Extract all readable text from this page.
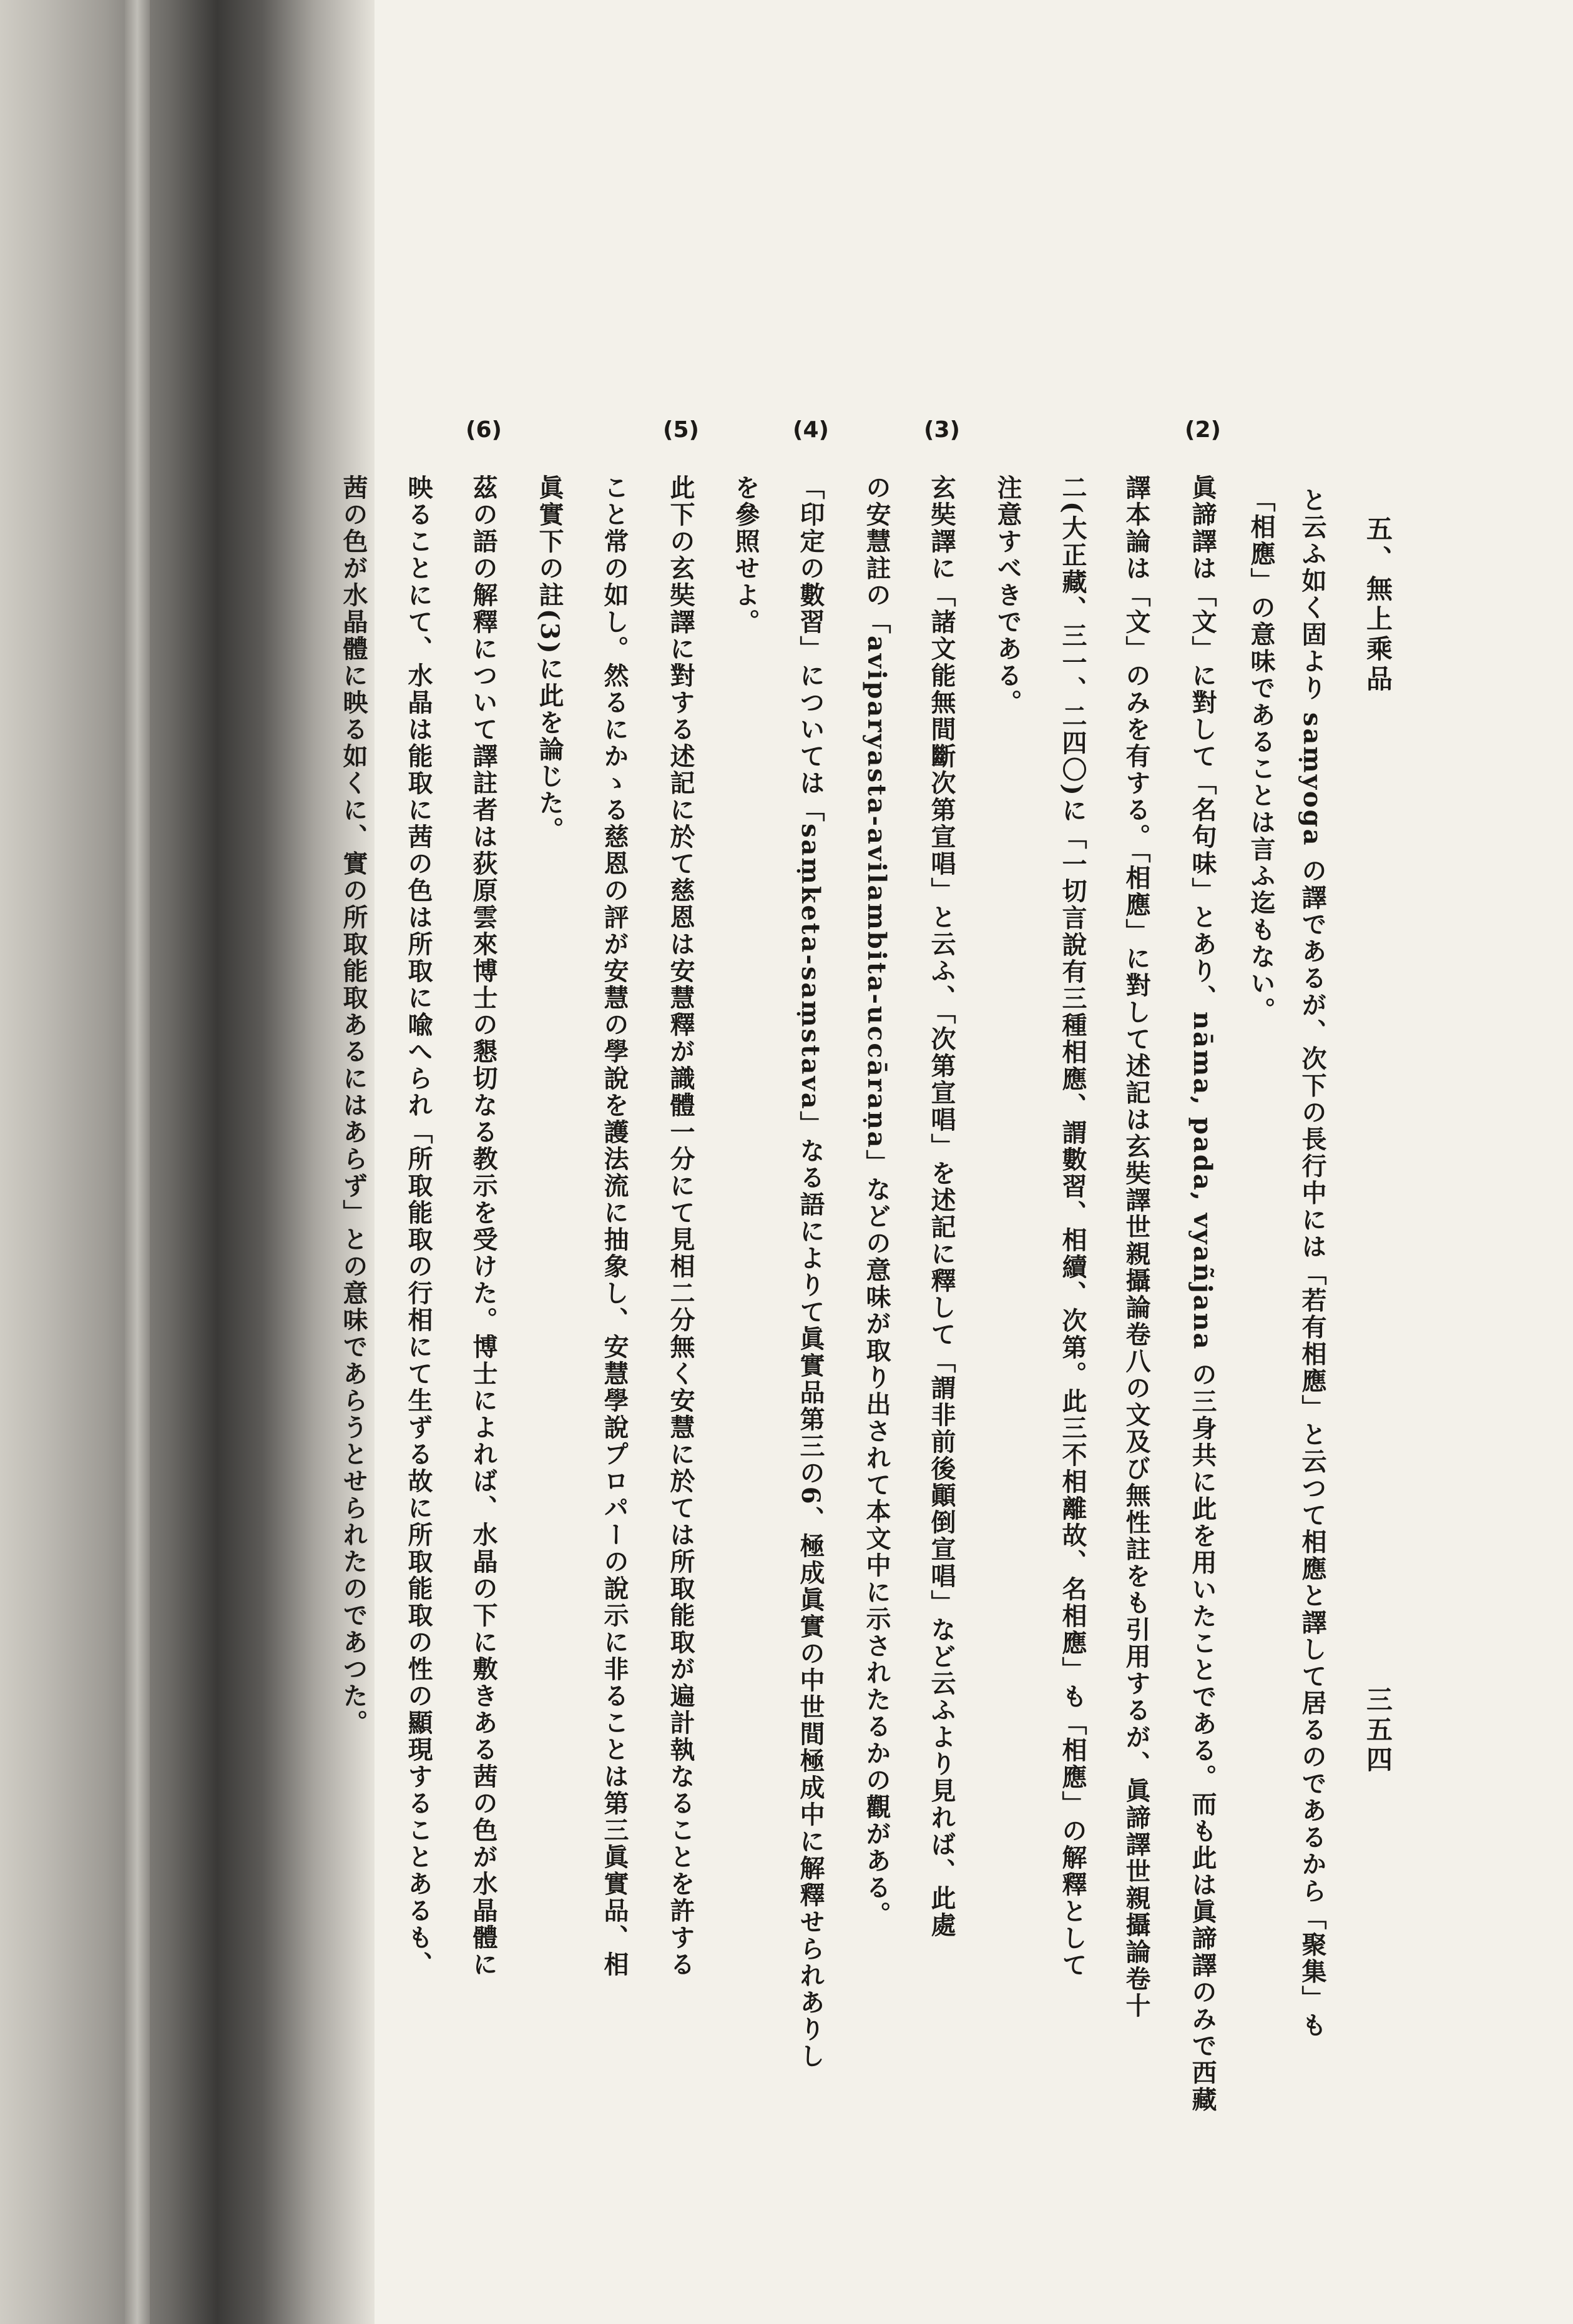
五、無上乘品
三五四
(2)
(3)
(4)
(5)
(6)
と云ふ如く固より saṃyoga の譯であるが、次下の長行中には「若有相應」と云つて相應と譯して居るのであるから「聚集」も
「相應」の意味であることは言ふ迄もない。
眞諦譯は「文」に對して「名句味」とあり、nāma, pada, vyañjana の三身共に此を用いたことである。而も此は眞諦譯のみで西藏
譯本論は「文」のみを有する。「相應」に對して述記は玄奘譯世親攝論卷八の文及び無性註をも引用するが、眞諦譯世親攝論卷十
二(大正藏、三一、二四〇)に「一切言說有三種相應、謂數習、相續、次第。此三不相離故、名相應」も「相應」の解釋として
注意すべきである。
玄奘譯に「諸文能無間斷次第宣唱」と云ふ、「次第宣唱」を述記に釋して「謂非前後顚倒宣唱」など云ふより見れば、此處
の安慧註の「aviparyasta-avilambita-uccāraṇa」などの意味が取り出されて本文中に示されたるかの觀がある。
「印定の數習」については「saṃketa-saṃstava」なる語によりて眞實品第三の6、極成眞實の中世間極成中に解釋せられありし
を參照せよ。
此下の玄奘譯に對する述記に於て慈恩は安慧釋が識體一分にて見相二分無く安慧に於ては所取能取が遍計執なることを許する
こと常の如し。然るにかゝる慈恩の評が安慧の學說を護法流に抽象し、安慧學說プロパーの說示に非ることは第三眞實品、相
眞實下の註(3)に此を論じた。
茲の語の解釋について譯註者は荻原雲來博士の懇切なる教示を受けた。博士によれば、水晶の下に敷きある茜の色が水晶體に
映ることにて、水晶は能取に茜の色は所取に喩へられ「所取能取の行相にて生ずる故に所取能取の性の顯現することあるも、
茜の色が水晶體に映る如くに、實の所取能取あるにはあらず」との意味であらうとせられたのであつた。
